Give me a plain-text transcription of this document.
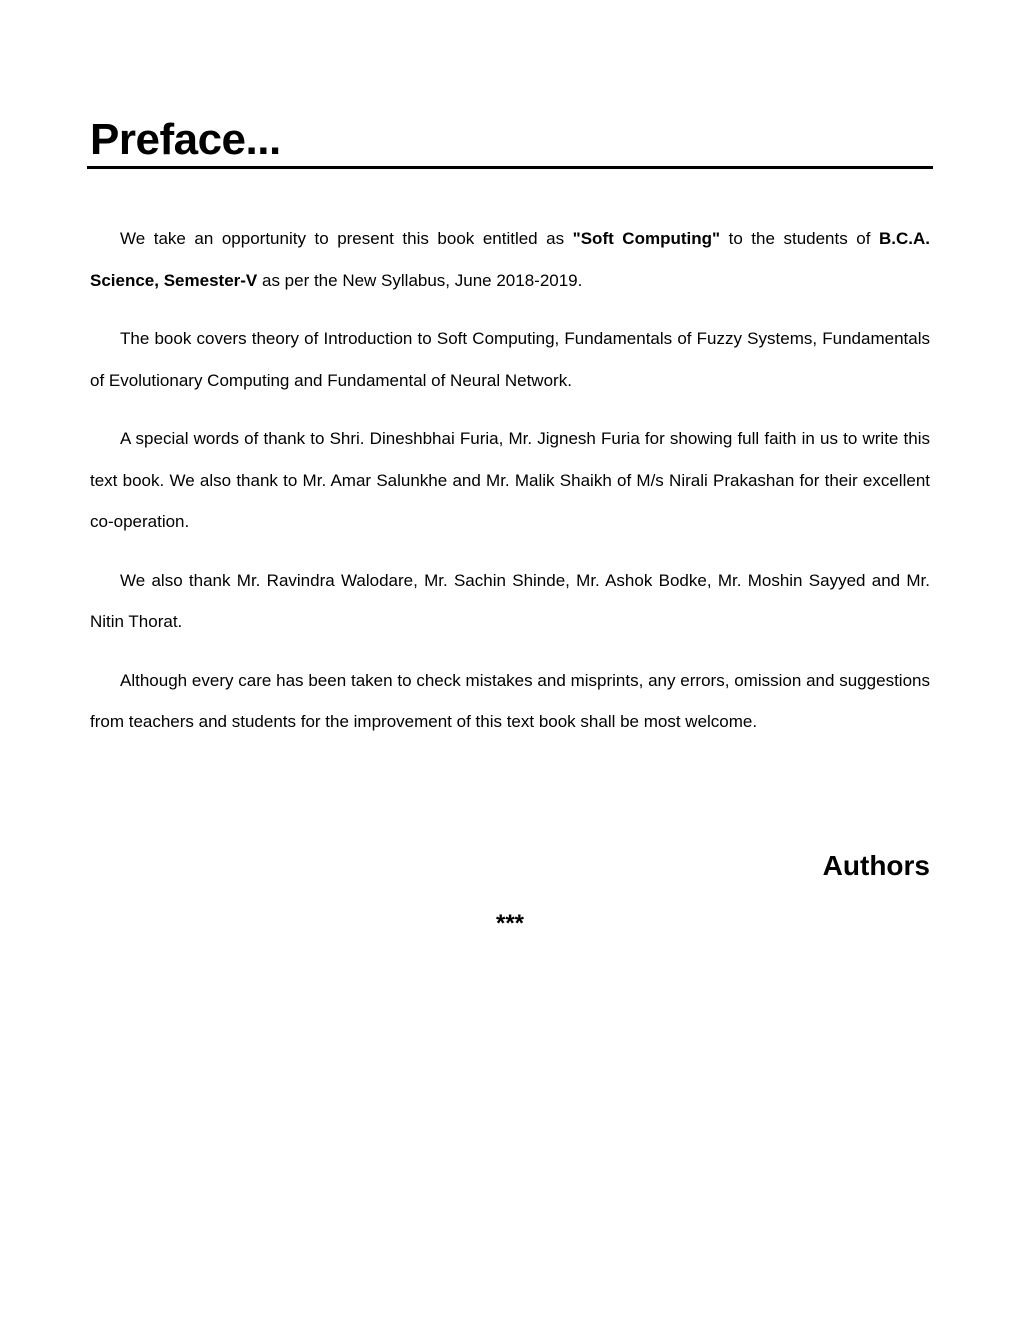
Preface...

We take an opportunity to present this book entitled as "Soft Computing" to the students of B.C.A. Science, Semester-V as per the New Syllabus, June 2018-2019.

The book covers theory of Introduction to Soft Computing, Fundamentals of Fuzzy Systems, Fundamentals of Evolutionary Computing and Fundamental of Neural Network.

A special words of thank to Shri. Dineshbhai Furia, Mr. Jignesh Furia for showing full faith in us to write this text book. We also thank to Mr. Amar Salunkhe and Mr. Malik Shaikh of M/s Nirali Prakashan for their excellent co-operation.

We also thank Mr. Ravindra Walodare, Mr. Sachin Shinde, Mr. Ashok Bodke, Mr. Moshin Sayyed and Mr. Nitin Thorat.

Although every care has been taken to check mistakes and misprints, any errors, omission and suggestions from teachers and students for the improvement of this text book shall be most welcome.

Authors
***
